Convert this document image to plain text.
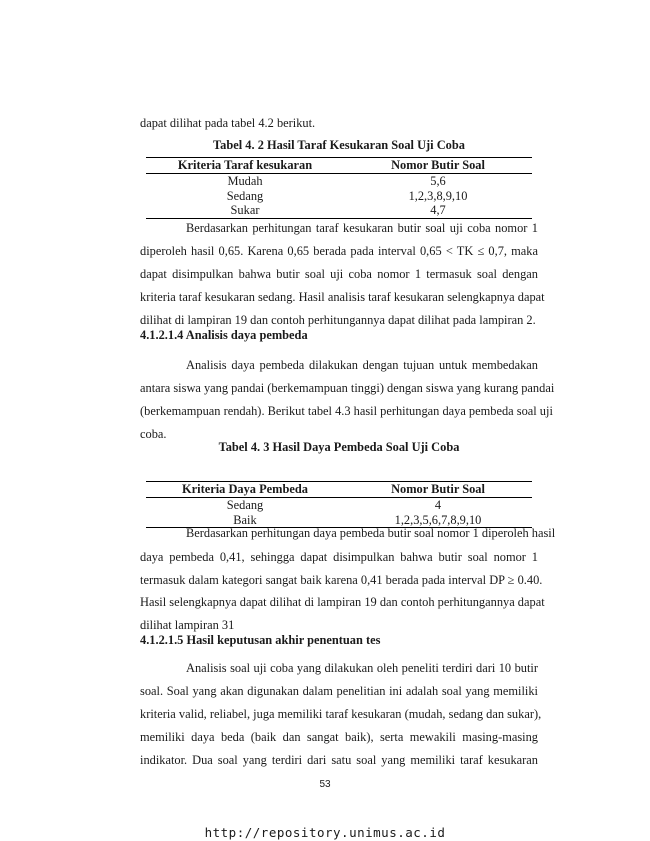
dapat dilihat pada tabel 4.2 berikut.
Tabel 4. 2 Hasil Taraf Kesukaran Soal Uji Coba
Kriteria Taraf kesukaran	Nomor Butir Soal
Mudah	5,6
Sedang	1,2,3,8,9,10
Sukar	4,7
Berdasarkan perhitungan taraf kesukaran butir soal uji coba nomor 1
diperoleh hasil 0,65. Karena 0,65 berada pada interval 0,65 < TK ≤ 0,7, maka
dapat disimpulkan bahwa butir soal uji coba nomor 1 termasuk soal dengan
kriteria taraf kesukaran sedang. Hasil analisis taraf kesukaran selengkapnya dapat
dilihat di lampiran 19 dan contoh perhitungannya dapat dilihat pada lampiran 2.
4.1.2.1.4 Analisis daya pembeda
Analisis daya pembeda dilakukan dengan tujuan untuk membedakan
antara siswa yang pandai (berkemampuan tinggi) dengan siswa yang kurang pandai
(berkemampuan rendah). Berikut tabel 4.3 hasil perhitungan daya pembeda soal uji
coba.
Tabel 4. 3 Hasil Daya Pembeda Soal Uji Coba
Kriteria Daya Pembeda	Nomor Butir Soal
Sedang	4
Baik	1,2,3,5,6,7,8,9,10
Berdasarkan perhitungan daya pembeda butir soal nomor 1 diperoleh hasil
daya pembeda 0,41, sehingga dapat disimpulkan bahwa butir soal nomor 1
termasuk dalam kategori sangat baik karena 0,41 berada pada interval DP ≥ 0.40.
Hasil selengkapnya dapat dilihat di lampiran 19 dan contoh perhitungannya dapat
dilihat lampiran 31
4.1.2.1.5 Hasil keputusan akhir penentuan tes
Analisis soal uji coba yang dilakukan oleh peneliti terdiri dari 10 butir
soal. Soal yang akan digunakan dalam penelitian ini adalah soal yang memiliki
kriteria valid, reliabel, juga memiliki taraf kesukaran (mudah, sedang dan sukar),
memiliki daya beda (baik dan sangat baik), serta mewakili masing-masing
indikator. Dua soal yang terdiri dari satu soal yang memiliki taraf kesukaran
53
http://repository.unimus.ac.id
